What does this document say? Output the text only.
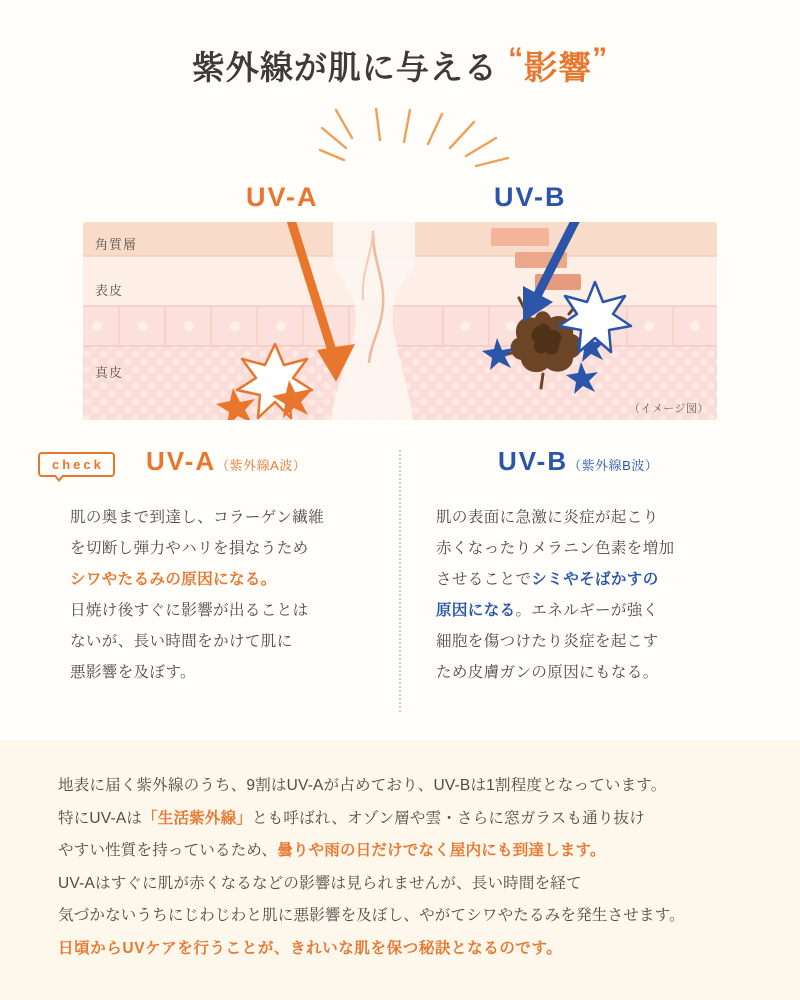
紫外線が肌に与える “影響”
UV-A	UV-B
角質層
表皮
真皮
（イメージ図）
check	UV-A（紫外線A波）
肌の奥まで到達し、コラーゲン繊維
を切断し弾力やハリを損なうため
シワやたるみの原因になる。
日焼け後すぐに影響が出ることは
ないが、長い時間をかけて肌に
悪影響を及ぼす。
UV-B（紫外線B波）
肌の表面に急激に炎症が起こり
赤くなったりメラニン色素を増加
させることでシミやそばかすの
原因になる。エネルギーが強く
細胞を傷つけたり炎症を起こす
ため皮膚ガンの原因にもなる。
地表に届く紫外線のうち、9割はUV-Aが占めており、UV-Bは1割程度となっています。
特にUV-Aは「生活紫外線」とも呼ばれ、オゾン層や雲・さらに窓ガラスも通り抜け
やすい性質を持っているため、曇りや雨の日だけでなく屋内にも到達します。
UV-Aはすぐに肌が赤くなるなどの影響は見られませんが、長い時間を経て
気づかないうちにじわじわと肌に悪影響を及ぼし、やがてシワやたるみを発生させます。
日頃からUVケアを行うことが、きれいな肌を保つ秘訣となるのです。
